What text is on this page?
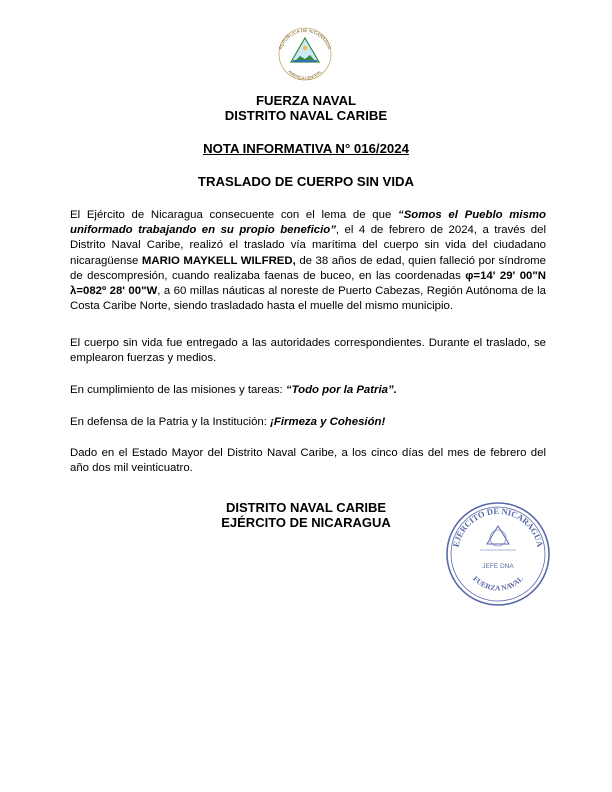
REPUBLICA DE NICARAGUA
AMERICA CENTRAL
FUERZA NAVAL
DISTRITO NAVAL CARIBE
NOTA INFORMATIVA N° 016/2024
TRASLADO DE CUERPO SIN VIDA
El Ejército de Nicaragua consecuente con el lema de que “Somos el Pueblo mismo uniformado trabajando en su propio beneficio”, el 4 de febrero de 2024, a través del Distrito Naval Caribe, realizó el traslado vía marítima del cuerpo sin vida del ciudadano nicaragüense MARIO MAYKELL WILFRED, de 38 años de edad, quien falleció por síndrome de descompresión, cuando realizaba faenas de buceo, en las coordenadas φ=14' 29' 00"N λ=082º 28' 00"W, a 60 millas náuticas al noreste de Puerto Cabezas, Región Autónoma de la Costa Caribe Norte, siendo trasladado hasta el muelle del mismo municipio.
El cuerpo sin vida fue entregado a las autoridades correspondientes. Durante el traslado, se emplearon fuerzas y medios.
En cumplimiento de las misiones y tareas: “Todo por la Patria”.
En defensa de la Patria y la Institución: ¡Firmeza y Cohesión!
Dado en el Estado Mayor del Distrito Naval Caribe, a los cinco días del mes de febrero del año dos mil veinticuatro.
DISTRITO NAVAL CARIBE
EJÉRCITO DE NICARAGUA
EJÉRCITO DE NICARAGUA
FUERZA NAVAL
JEFE DNA
